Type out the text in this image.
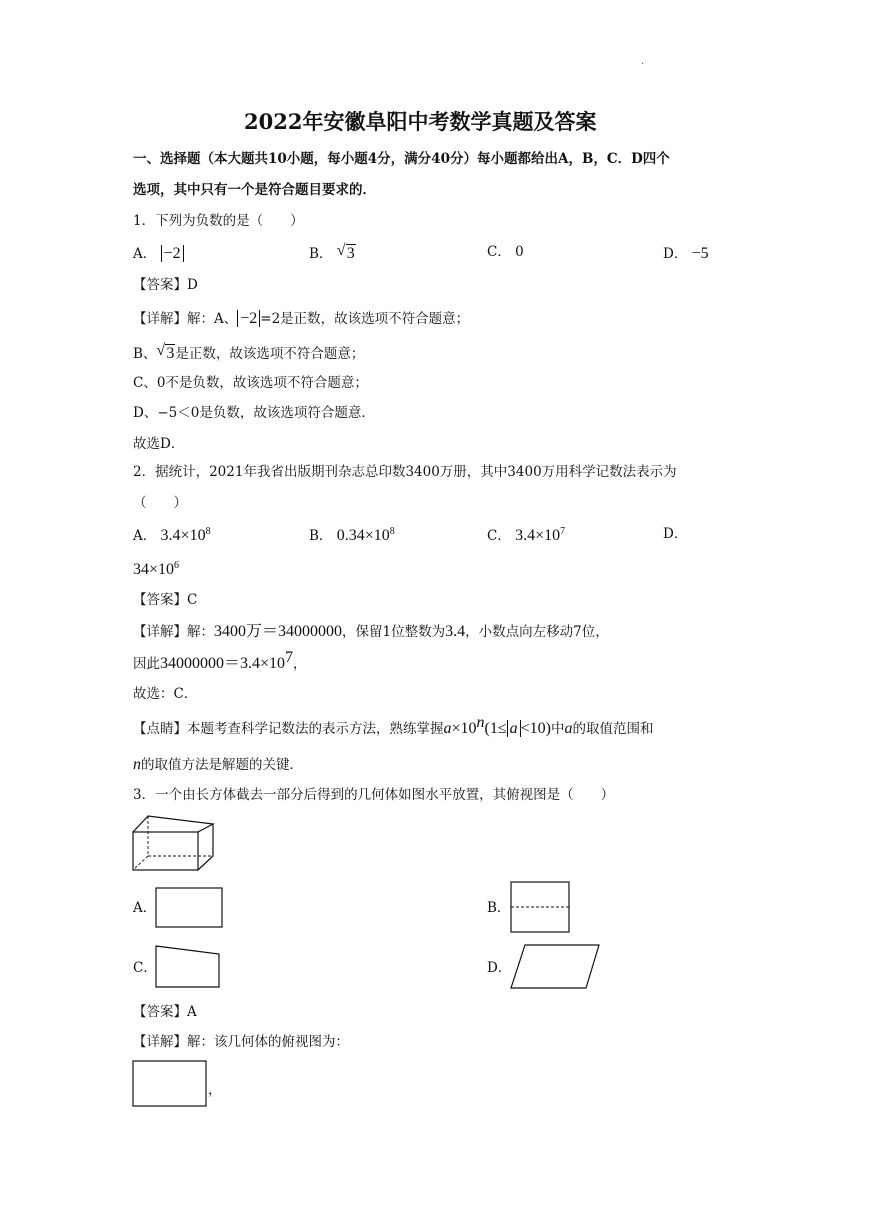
·
2022年安徽阜阳中考数学真题及答案
一、选择题（本大题共10小题，每小题4分，满分40分）每小题都给出A，B，C．D四个
选项，其中只有一个是符合题目要求的．
1．下列为负数的是（　　）
A． −2	B． √ 3	C． 0	D． −5
【答案】D
【详解】解：A、 −2 =2是正数，故该选项不符合题意；
B、 √ 3是正数，故该选项不符合题意；
C、0不是负数，故该选项不符合题意；
D、−5＜0是负数，故该选项符合题意．
故选D．
2．据统计，2021年我省出版期刊杂志总印数3400万册，其中3400万用科学记数法表示为
（　　）
A． $3.4\times 10^8$	B． $0.34\times 10^8$	C． $3.4\times 10^7$	D．
$34\times 10^6$
【答案】C
【详解】解：3400万＝34000000，保留1位整数为3.4，小数点向左移动7位，
因此$34000000=3.4\times 10^7$，
故选：C．
【点睛】本题考查科学记数法的表示方法，熟练掌握$a\times 10^n(1\le a <10)$中a的取值范围和
n的取值方法是解题的关键．
3．一个由长方体截去一部分后得到的几何体如图水平放置，其俯视图是（　　）
A．	B．
C．	D．
【答案】A
【详解】解：该几何体的俯视图为：
，
